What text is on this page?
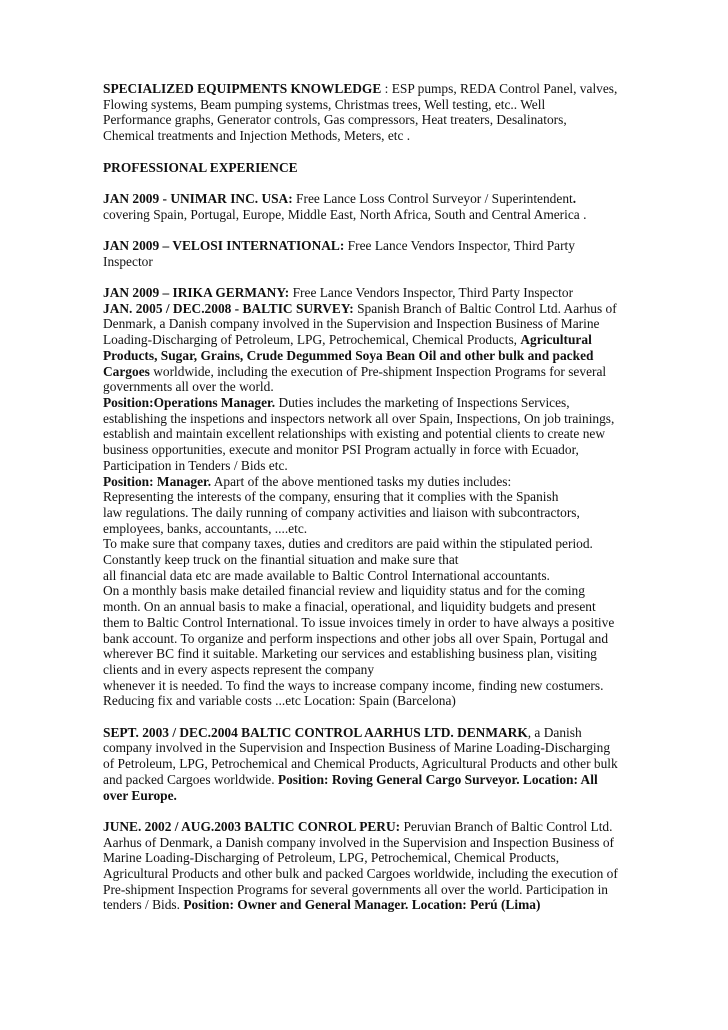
SPECIALIZED EQUIPMENTS KNOWLEDGE : ESP pumps, REDA Control Panel, valves,

Flowing systems, Beam pumping systems, Christmas trees, Well testing, etc.. Well

Performance graphs, Generator controls, Gas compressors, Heat treaters, Desalinators,

Chemical treatments and Injection Methods, Meters, etc .

PROFESSIONAL EXPERIENCE

JAN 2009 - UNIMAR INC. USA: Free Lance Loss Control Surveyor / Superintendent.

covering Spain, Portugal, Europe, Middle East, North Africa, South and Central America .

JAN 2009 – VELOSI INTERNATIONAL: Free Lance Vendors Inspector, Third Party

Inspector

JAN 2009 – IRIKA GERMANY: Free Lance Vendors Inspector, Third Party Inspector

JAN. 2005 / DEC.2008 - BALTIC SURVEY: Spanish Branch of Baltic Control Ltd. Aarhus of

Denmark, a Danish company involved in the Supervision and Inspection Business of Marine

Loading-Discharging of Petroleum, LPG, Petrochemical, Chemical Products, Agricultural

Products, Sugar, Grains, Crude Degummed Soya Bean Oil and other bulk and packed

Cargoes worldwide, including the execution of Pre-shipment Inspection Programs for several

governments all over the world.

Position:Operations Manager. Duties includes the marketing of Inspections Services,

establishing the inspetions and inspectors network all over Spain, Inspections, On job trainings,

establish and maintain excellent relationships with existing and potential clients to create new

business opportunities, execute and monitor PSI Program actually in force with Ecuador,

Participation in Tenders / Bids etc.

Position: Manager. Apart of the above mentioned tasks my duties includes:

Representing the interests of the company, ensuring that it complies with the Spanish

law regulations. The daily running of company activities and liaison with subcontractors,

employees, banks, accountants, ....etc.

To make sure that company taxes, duties and creditors are paid within the stipulated period.

Constantly keep truck on the finantial situation and make sure that

all financial data etc are made available to Baltic Control International accountants.

On a monthly basis make detailed financial review and liquidity status and for the coming

month. On an annual basis to make a finacial, operational, and liquidity budgets and present

them to Baltic Control International. To issue invoices timely in order to have always a positive

bank account. To organize and perform inspections and other jobs all over Spain, Portugal and

wherever BC find it suitable. Marketing our services and establishing business plan, visiting

clients and in every aspects represent the company

whenever it is needed. To find the ways to increase company income, finding new costumers.

Reducing fix and variable costs ...etc Location: Spain (Barcelona)

SEPT. 2003 / DEC.2004 BALTIC CONTROL AARHUS LTD. DENMARK, a Danish

company involved in the Supervision and Inspection Business of Marine Loading-Discharging

of Petroleum, LPG, Petrochemical and Chemical Products, Agricultural Products and other bulk

and packed Cargoes worldwide. Position: Roving General Cargo Surveyor. Location: All

over Europe.

JUNE. 2002 / AUG.2003 BALTIC CONROL PERU: Peruvian Branch of Baltic Control Ltd.

Aarhus of Denmark, a Danish company involved in the Supervision and Inspection Business of

Marine Loading-Discharging of Petroleum, LPG, Petrochemical, Chemical Products,

Agricultural Products and other bulk and packed Cargoes worldwide, including the execution of

Pre-shipment Inspection Programs for several governments all over the world. Participation in

tenders / Bids. Position: Owner and General Manager. Location: Perú (Lima)
